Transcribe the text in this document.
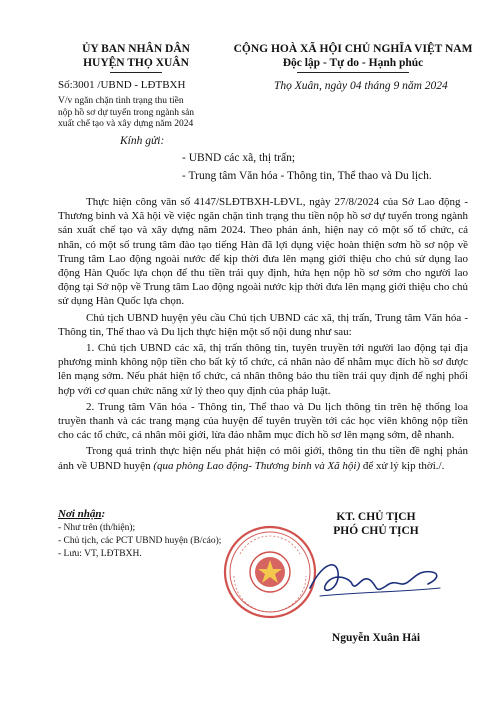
ỦY BAN NHÂN DÂN
HUYỆN THỌ XUÂN
Số:3001 /UBND - LĐTBXH
V/v ngăn chặn tình trạng thu tiền
nộp hồ sơ dự tuyển trong ngành sản
xuất chế tạo và xây dựng năm 2024
CỘNG HOÀ XÃ HỘI CHỦ NGHĨA VIỆT NAM
Độc lập - Tự do - Hạnh phúc
Thọ Xuân, ngày 04 tháng 9 năm 2024
Kính gửi:
- UBND các xã, thị trấn;
- Trung tâm Văn hóa - Thông tin, Thể thao và Du lịch.

Thực hiện công văn số 4147/SLĐTBXH-LĐVL, ngày 27/8/2024 của Sở Lao động - Thương binh và Xã hội về việc ngăn chặn tình trạng thu tiền nộp hồ sơ dự tuyển trong ngành sản xuất chế tạo và xây dựng năm 2024. Theo phản ánh, hiện nay có một số tổ chức, cá nhân, có một số trung tâm đào tạo tiếng Hàn đã lợi dụng việc hoàn thiện sơm hồ sơ nộp về Trung tâm Lao động ngoài nước để kịp thời đưa lên mạng giới thiệu cho chủ sử dụng lao động Hàn Quốc lựa chọn để thu tiền trái quy định, hứa hẹn nộp hồ sơ sớm cho người lao động tại Sở nộp về Trung tâm Lao động ngoài nước kịp thời đưa lên mạng giới thiệu cho chủ sử dụng Hàn Quốc lựa chọn.

Chủ tịch UBND huyện yêu cầu Chủ tịch UBND các xã, thị trấn, Trung tâm Văn hóa - Thông tin, Thể thao và Du lịch thực hiện một số nội dung như sau:

1. Chủ tịch UBND các xã, thị trấn thông tin, tuyên truyền tới người lao động tại địa phương mình không nộp tiền cho bất kỳ tổ chức, cá nhân nào để nhằm mục đích hồ sơ được lên mạng sớm. Nếu phát hiện tổ chức, cá nhân thông báo thu tiền trái quy định để nghị phối hợp với cơ quan chức năng xử lý theo quy định của pháp luật.

2. Trung tâm Văn hóa - Thông tin, Thể thao và Du lịch thông tin trên hệ thống loa truyền thanh và các trang mạng của huyện để tuyên truyền tới các học viên không nộp tiền cho các tổ chức, cá nhân môi giới, lừa đảo nhằm mục đích hồ sơ lên mạng sớm, dễ nhanh.

Trong quá trình thực hiện nếu phát hiện có môi giới, thông tin thu tiền đề nghị phản ánh về UBND huyện (qua phòng Lao động- Thương binh và Xã hội) để xử lý kịp thời./.

Nơi nhận:
- Như trên (th/hiện);
- Chủ tịch, các PCT UBND huyện (B/cáo);
- Lưu: VT, LĐTBXH.
KT. CHỦ TỊCH
PHÓ CHỦ TỊCH
Nguyễn Xuân Hải
